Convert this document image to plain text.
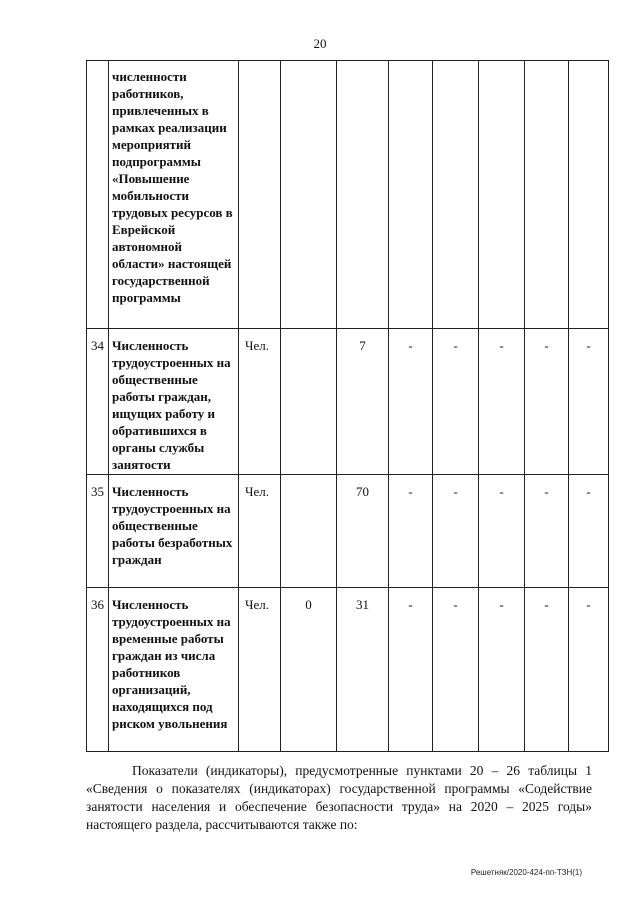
20
	численности работников, привлеченных в рамках реализации мероприятий подпрограммы «Повышение мобильности трудовых ресурсов в Еврейской автономной области» настоящей государственной программы								
34	Численность трудоустроенных на общественные работы граждан, ищущих работу и обратившихся в органы службы занятости	Чел.		7	-	-	-	-	-
35	Численность трудоустроенных на общественные работы безработных граждан	Чел.		70	-	-	-	-	-
36	Численность трудоустроенных на временные работы граждан из числа работников организаций, находящихся под риском увольнения	Чел.	0	31	-	-	-	-	-
Показатели (индикаторы), предусмотренные пунктами 20 – 26 таблицы 1 «Сведения о показателях (индикаторах) государственной программы «Содействие занятости населения и обеспечение безопасности труда» на 2020 – 2025 годы» настоящего раздела, рассчитываются также по:
Решетняк/2020-424-пп-ТЗН(1)
